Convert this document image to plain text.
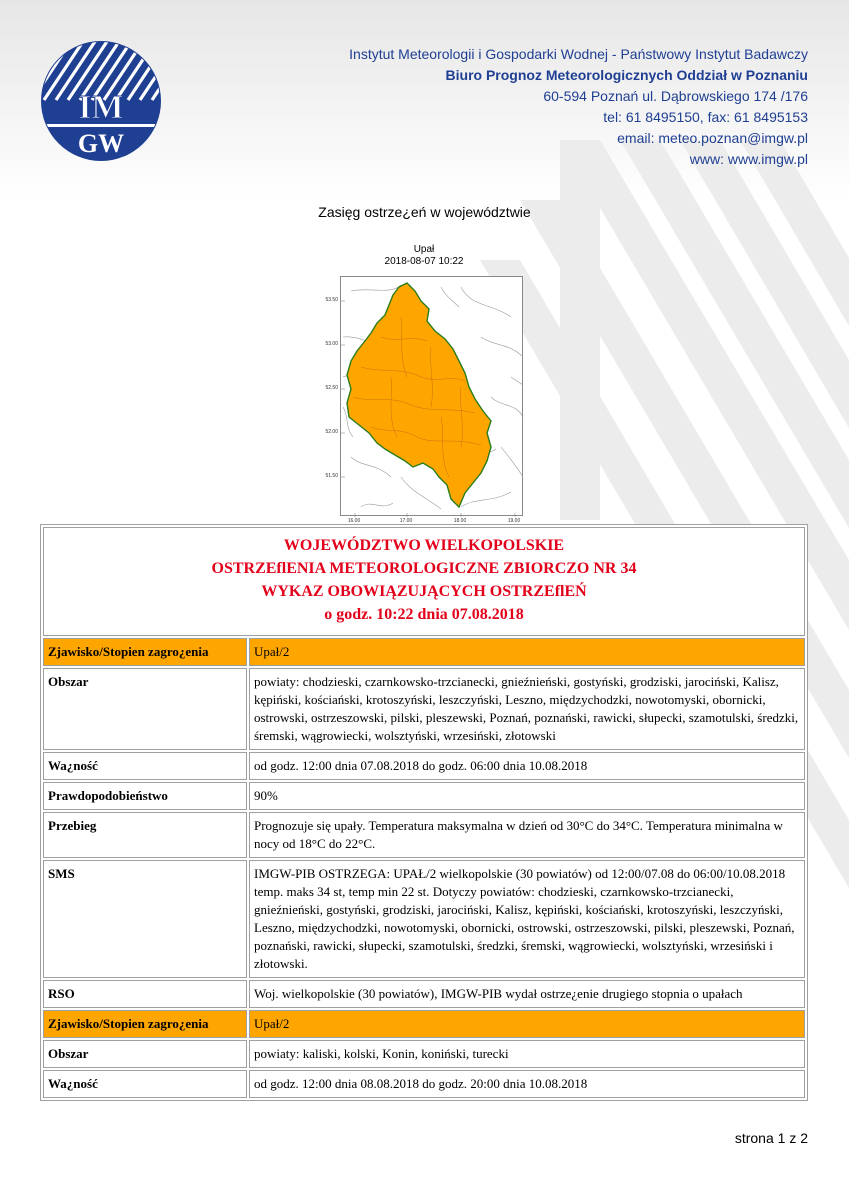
IM
GW
Instytut Meteorologii i Gospodarki Wodnej - Państwowy Instytut Badawczy
Biuro Prognoz Meteorologicznych Oddział w Poznaniu
60-594 Poznań ul. Dąbrowskiego 174 /176
tel: 61 8495150, fax: 61 8495153
email: meteo.poznan@imgw.pl
www: www.imgw.pl
Zasięg ostrze¿eń w województwie
Upał
2018-08-07 10:22
53.50
53.00
52.50
52.00
51.50
16.00	17.00	18.00	19.00
WOJEWÓDZTWO WIELKOPOLSKIE
OSTRZEflENIA METEOROLOGICZNE ZBIORCZO NR 34
WYKAZ OBOWIĄZUJĄCYCH OSTRZEflEŃ
o godz. 10:22 dnia 07.08.2018	

Zjawisko/Stopien zagro¿enia	Upał/2
Obszar	powiaty: chodzieski, czarnkowsko-trzcianecki, gnieźnieński, gostyński, grodziski, jarociński, Kalisz, kępiński, kościański, krotoszyński, leszczyński, Leszno, międzychodzki, nowotomyski, obornicki, ostrowski, ostrzeszowski, pilski, pleszewski, Poznań, poznański, rawicki, słupecki, szamotulski, średzki, śremski, wągrowiecki, wolsztyński, wrzesiński, złotowski
Wa¿ność	od godz. 12:00 dnia 07.08.2018 do godz. 06:00 dnia 10.08.2018
Prawdopodobieństwo	90%
Przebieg	Prognozuje się upały. Temperatura maksymalna w dzień od 30°C do 34°C. Temperatura minimalna w nocy od 18°C do 22°C.
SMS	IMGW-PIB OSTRZEGA: UPAŁ/2 wielkopolskie (30 powiatów) od 12:00/07.08 do 06:00/10.08.2018 temp. maks 34 st, temp min 22 st. Dotyczy powiatów: chodzieski, czarnkowsko-trzcianecki, gnieźnieński, gostyński, grodziski, jarociński, Kalisz, kępiński, kościański, krotoszyński, leszczyński, Leszno, międzychodzki, nowotomyski, obornicki, ostrowski, ostrzeszowski, pilski, pleszewski, Poznań, poznański, rawicki, słupecki, szamotulski, średzki, śremski, wągrowiecki, wolsztyński, wrzesiński i złotowski.
RSO	Woj. wielkopolskie (30 powiatów), IMGW-PIB wydał ostrze¿enie drugiego stopnia o upałach
Zjawisko/Stopien zagro¿enia	Upał/2
Obszar	powiaty: kaliski, kolski, Konin, koniński, turecki
Wa¿ność	od godz. 12:00 dnia 08.08.2018 do godz. 20:00 dnia 10.08.2018
strona 1 z 2
